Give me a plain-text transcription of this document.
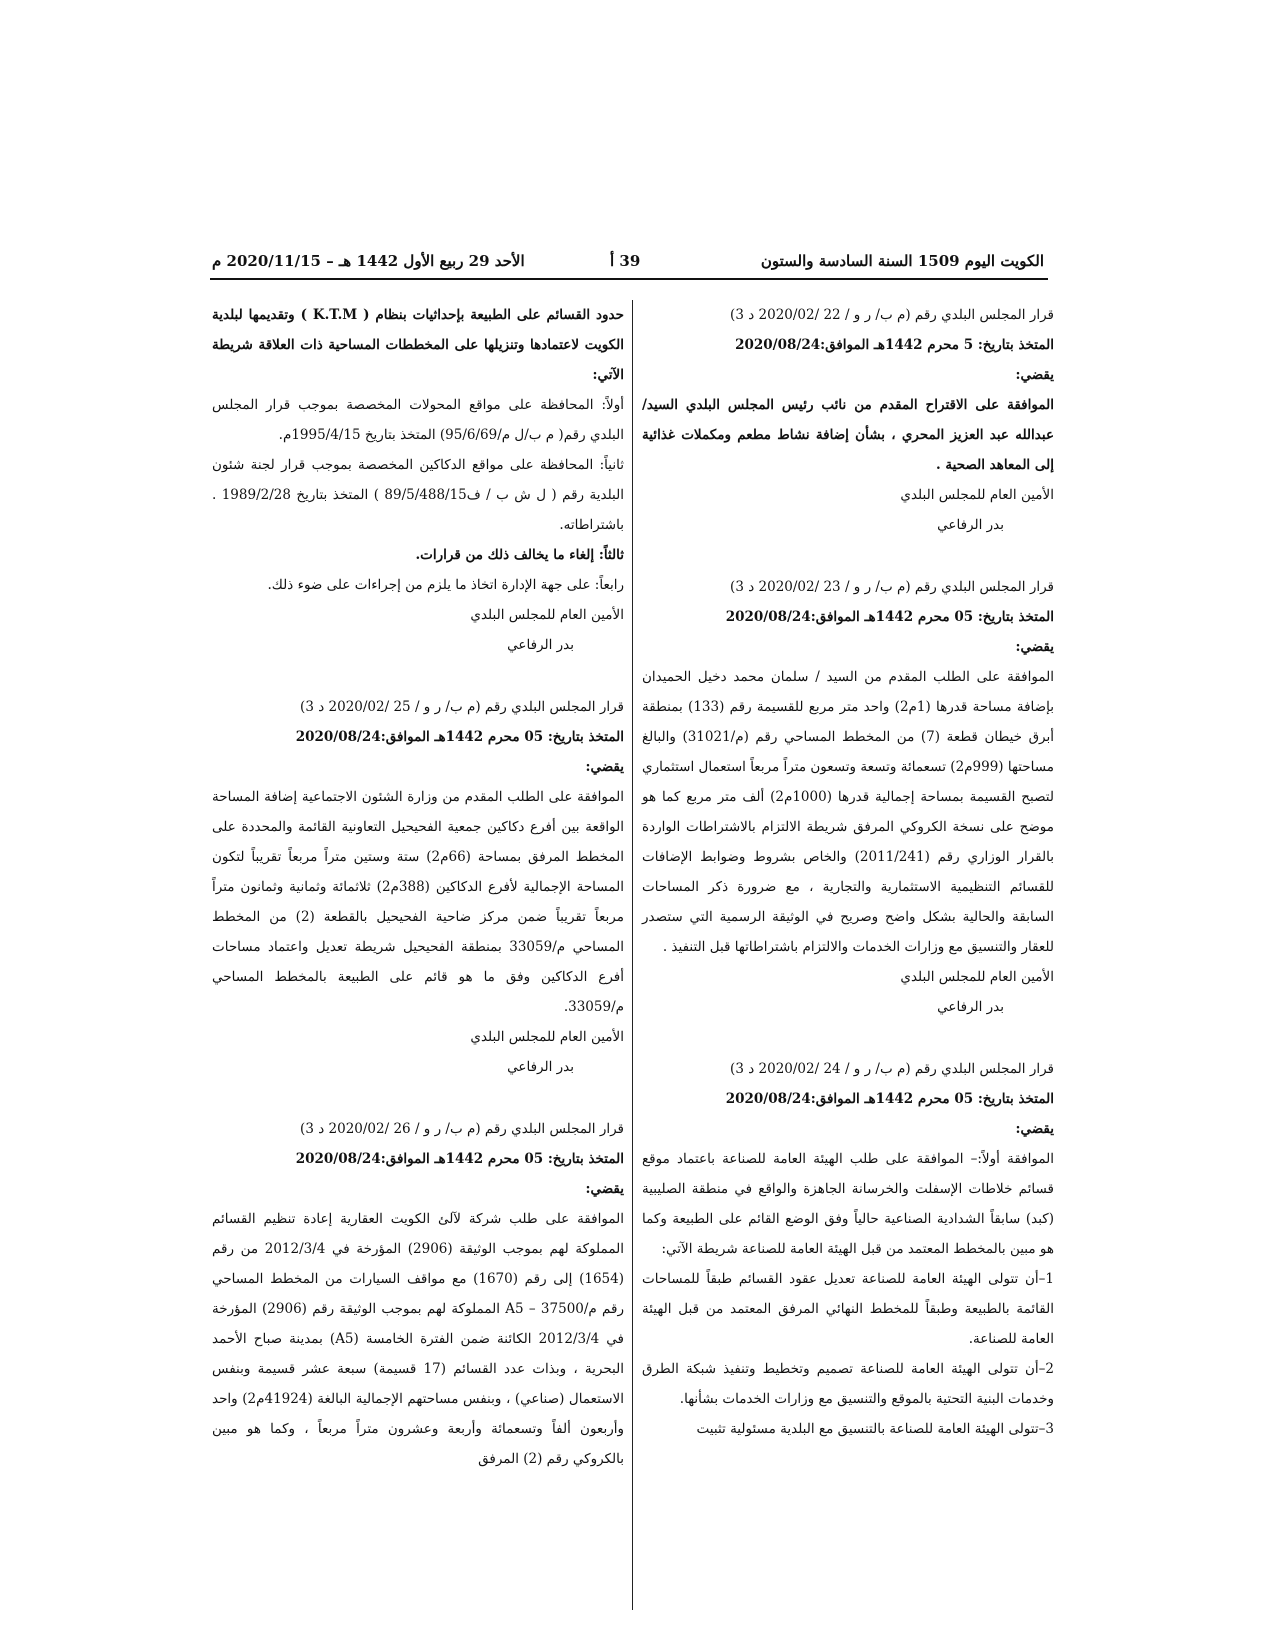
الكويت اليوم 1509 السنة السادسة والستون
39 أ
الأحد 29 ربيع الأول 1442 هـ – 2020/11/15 م

قرار المجلس البلدي رقم (م ب/ ر و / 22 /2020/02 د 3)

المتخذ بتاريخ: 5 محرم 1442هـ الموافق:2020/08/24

يقضي:

الموافقة على الاقتراح المقدم من نائب رئيس المجلس البلدي السيد/ عبدالله عبد العزيز المحري ، بشأن إضافة نشاط مطعم ومكملات غذائية إلى المعاهد الصحية .

الأمين العام للمجلس البلدي

بدر الرفاعي

قرار المجلس البلدي رقم (م ب/ ر و / 23 /2020/02 د 3)

المتخذ بتاريخ: 05 محرم 1442هـ الموافق:2020/08/24

يقضي:

الموافقة على الطلب المقدم من السيد / سلمان محمد دخيل الحميدان بإضافة مساحة قدرها (1م2) واحد متر مربع للقسيمة رقم (133) بمنطقة أبرق خيطان قطعة (7) من المخطط المساحي رقم (م/31021) والبالغ مساحتها (999م2) تسعمائة وتسعة وتسعون متراً مربعاً استعمال استثماري لتصبح القسيمة بمساحة إجمالية قدرها (1000م2) ألف متر مربع كما هو موضح على نسخة الكروكي المرفق شريطة الالتزام بالاشتراطات الواردة بالقرار الوزاري رقم (2011/241) والخاص بشروط وضوابط الإضافات للقسائم التنظيمية الاستثمارية والتجارية ، مع ضرورة ذكر المساحات السابقة والحالية بشكل واضح وصريح في الوثيقة الرسمية التي ستصدر للعقار والتنسيق مع وزارات الخدمات والالتزام باشتراطاتها قبل التنفيذ .

الأمين العام للمجلس البلدي

بدر الرفاعي

قرار المجلس البلدي رقم (م ب/ ر و / 24 /2020/02 د 3)

المتخذ بتاريخ: 05 محرم 1442هـ الموافق:2020/08/24

يقضي:

الموافقة أولاً:– الموافقة على طلب الهيئة العامة للصناعة باعتماد موقع قسائم خلاطات الإسفلت والخرسانة الجاهزة والواقع في منطقة الصليبية (كبد) سابقاً الشدادية الصناعية حالياً وفق الوضع القائم على الطبيعة وكما هو مبين بالمخطط المعتمد من قبل الهيئة العامة للصناعة شريطة الآتي:

1–أن تتولى الهيئة العامة للصناعة تعديل عقود القسائم طبقاً للمساحات القائمة بالطبيعة وطبقاً للمخطط النهائي المرفق المعتمد من قبل الهيئة العامة للصناعة.

2–أن تتولى الهيئة العامة للصناعة تصميم وتخطيط وتنفيذ شبكة الطرق وخدمات البنية التحتية بالموقع والتنسيق مع وزارات الخدمات بشأنها.

3–تتولى الهيئة العامة للصناعة بالتنسيق مع البلدية مسئولية تثبيت

حدود القسائم على الطبيعة بإحداثيات بنظام ( K.T.M ) وتقديمها لبلدية الكويت لاعتمادها وتنزيلها على المخططات المساحية ذات العلاقة شريطة الآتي:

أولاً: المحافظة على مواقع المحولات المخصصة بموجب قرار المجلس البلدي رقم( م ب/ل م/95/6/69) المتخذ بتاريخ 1995/4/15م.

ثانياً: المحافظة على مواقع الدكاكين المخصصة بموجب قرار لجنة شئون البلدية رقم ( ل ش ب / ف89/5/488/15 ) المتخذ بتاريخ 1989/2/28 . باشتراطاته.

ثالثاً: إلغاء ما يخالف ذلك من قرارات.

رابعاً: على جهة الإدارة اتخاذ ما يلزم من إجراءات على ضوء ذلك.

الأمين العام للمجلس البلدي

بدر الرفاعي

قرار المجلس البلدي رقم (م ب/ ر و / 25 /2020/02 د 3)

المتخذ بتاريخ: 05 محرم 1442هـ الموافق:2020/08/24

يقضي:

الموافقة على الطلب المقدم من وزارة الشئون الاجتماعية إضافة المساحة الواقعة بين أفرع دكاكين جمعية الفحيحيل التعاونية القائمة والمحددة على المخطط المرفق بمساحة (66م2) ستة وستين متراً مربعاً تقريباً لتكون المساحة الإجمالية لأفرع الدكاكين (388م2) ثلاثمائة وثمانية وثمانون متراً مربعاً تقريباً ضمن مركز ضاحية الفحيحيل بالقطعة (2) من المخطط المساحي م/33059 بمنطقة الفحيحيل شريطة تعديل واعتماد مساحات أفرع الدكاكين وفق ما هو قائم على الطبيعة بالمخطط المساحي م/33059.

الأمين العام للمجلس البلدي

بدر الرفاعي

قرار المجلس البلدي رقم (م ب/ ر و / 26 /2020/02 د 3)

المتخذ بتاريخ: 05 محرم 1442هـ الموافق:2020/08/24

يقضي:

الموافقة على طلب شركة لآلئ الكويت العقارية إعادة تنظيم القسائم المملوكة لهم بموجب الوثيقة (2906) المؤرخة في 2012/3/4 من رقم (1654) إلى رقم (1670) مع مواقف السيارات من المخطط المساحي رقم م/37500 – A5 المملوكة لهم بموجب الوثيقة رقم (2906) المؤرخة في 2012/3/4 الكائنة ضمن الفترة الخامسة (A5) بمدينة صباح الأحمد البحرية ، وبذات عدد القسائم (17 قسيمة) سبعة عشر قسيمة وبنفس الاستعمال (صناعي) ، وبنفس مساحتهم الإجمالية البالغة (41924م2) واحد وأربعون ألفاً وتسعمائة وأربعة وعشرون متراً مربعاً ، وكما هو مبين بالكروكي رقم (2) المرفق
